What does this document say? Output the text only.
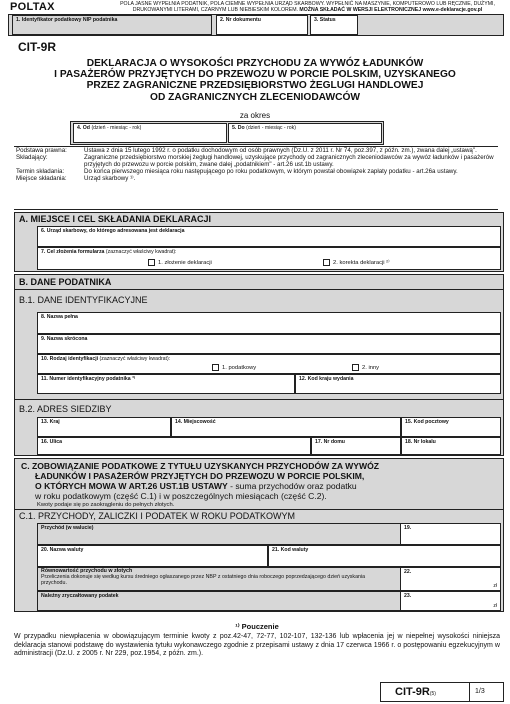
POLTAX	POLA JASNE WYPEŁNIA PODATNIK, POLA CIEMNE WYPEŁNIA URZĄD SKARBOWY. WYPEŁNIĆ NA MASZYNIE, KOMPUTEROWO LUB RĘCZNIE, DUŻYMI,
DRUKOWANYMI LITERAMI, CZARNYM LUB NIEBIESKIM KOLOREM. MOŻNA SKŁADAĆ W WERSJI ELEKTRONICZNEJ www.e-deklaracje.gov.pl
1. Identyfikator podatkowy NIP podatnika	2. Nr dokumentu	3. Status
CIT-9R
DEKLARACJA O WYSOKOŚCI PRZYCHODU ZA WYWÓZ ŁADUNKÓW
I PASAŻERÓW PRZYJĘTYCH DO PRZEWOZU W PORCIE POLSKIM, UZYSKANEGO
PRZEZ ZAGRANICZNE PRZEDSIĘBIORSTWO ŻEGLUGI HANDLOWEJ
OD ZAGRANICZNYCH ZLECENIODAWCÓW
za okres
4. Od (dzień - miesiąc - rok)	5. Do (dzień - miesiąc - rok)
Podstawa prawna:	Ustawa z dnia 15 lutego 1992 r. o podatku dochodowym od osób prawnych (Dz.U. z 2011 r. Nr 74, poz.397, z późn. zm.), zwana dalej „ustawą".
Składający:	Zagraniczne przedsiębiorstwo morskiej żeglugi handlowej, uzyskujące przychody od zagranicznych zleceniodawców za wywóz ładunków i pasażerów przyjętych do przewozu w porcie polskim, zwane dalej „podatnikiem" - art.26 ust.1b ustawy.
Termin składania:	Do końca pierwszego miesiąca roku następującego po roku podatkowym, w którym powstał obowiązek zapłaty podatku - art.26a ustawy.
Miejsce składania:	Urząd skarbowy ¹⁾.
A. MIEJSCE I CEL SKŁADANIA DEKLARACJI
6. Urząd skarbowy, do którego adresowana jest deklaracja
7. Cel złożenia formularza (zaznaczyć właściwy kwadrat):
1. złożenie deklaracji	2. korekta deklaracji ²⁾
B. DANE PODATNIKA
B.1. DANE IDENTYFIKACYJNE
8. Nazwa pełna
9. Nazwa skrócona
10. Rodzaj identyfikacji (zaznaczyć właściwy kwadrat):
1. podatkowy	2. inny
11. Numer identyfikacyjny podatnika ³⁾	12. Kod kraju wydania
B.2. ADRES SIEDZIBY
13. Kraj	14. Miejscowość	15. Kod pocztowy
16. Ulica	17. Nr domu	18. Nr lokalu
C. ZOBOWIĄZANIE PODATKOWE Z TYTUŁU UZYSKANYCH PRZYCHODÓW ZA WYWÓZ
ŁADUNKÓW I PASAŻERÓW PRZYJĘTYCH DO PRZEWOZU W PORCIE POLSKIM,
O KTÓRYCH MOWA W ART.26 UST.1B USTAWY - suma przychodów oraz podatku
w roku podatkowym (część C.1) i w poszczególnych miesiącach (część C.2).
Kwoty podaje się po zaokrągleniu do pełnych złotych.
C.1. PRZYCHODY, ZALICZKI I PODATEK W ROKU PODATKOWYM
Przychód (w walucie)	19.
20. Nazwa waluty	21. Kod waluty
Równowartość przychodu w złotych
Przeliczenia dokonuje się według kursu średniego ogłaszanego przez NBP z ostatniego dnia roboczego poprzedzającego dzień uzyskania przychodu.
22.
zł
Należny zryczałtowany podatek	23.
zł
¹⁾ Pouczenie
W przypadku niewpłacenia w obowiązującym terminie kwoty z poz.42-47, 72-77, 102-107, 132-136 lub wpłacenia jej w niepełnej wysokości niniejsza deklaracja stanowi podstawę do wystawienia tytułu wykonawczego zgodnie z przepisami ustawy z dnia 17 czerwca 1966 r. o postępowaniu egzekucyjnym w administracji (Dz.U. z 2005 r. Nr 229, poz.1954, z późn. zm.).
CIT-9R(5)	1/3
